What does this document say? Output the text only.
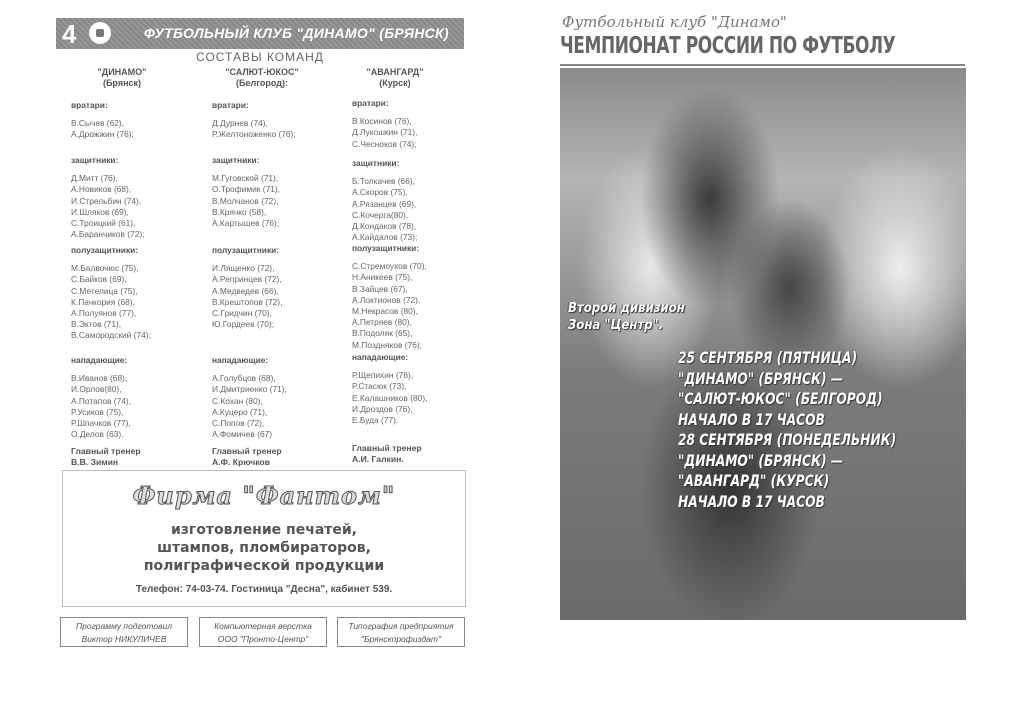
4	ФУТБОЛЬНЫЙ КЛУБ "ДИНАМО" (БРЯНСК)
СОСТАВЫ КОМАНД
"ДИНАМО"
(Брянск)
вратари:
В.Сычев (62),
А.Дрожжин (76);
защитники:
Д.Митт (76),
А.Новиков (68),
И.Стрельбин (74),
И.Шляков (69),
С.Троицкий (61),
А.Баранчиков (72);
полузащитники:
М.Балвочюс (75),
С.Байков (69),
С.Метелица (75),
К.Пачкория (68),
А.Полуянов (77),
В.Эктов (71),
В.Самородский (74);
нападающие:
В.Иванов (68),
И.Орлов(80),
А.Потапов (74),
Р.Усиков (75),
Р.Шпачков (77),
О.Делов (63).
Главный тренер
В.В. Зимин
"САЛЮТ-ЮКОС"
(Белгород):
вратари:
Д.Дурнев (74),
Р.Желтоноженко (76);
защитники:
М.Гуговской (71),
О.Трофимик (71),
В.Молчанов (72),
В.Крячко (58),
А.Картышев (76);
полузащитники:
И.Лященко (72),
А.Репринцев (72),
А.Медведев (66),
В.Крештопов (72),
С.Гридчин (70),
Ю.Гордеев (70);
нападающие:
А.Голубцов (68),
И.Дмитриенко (71),
С.Кохан (80),
А.Куцеро (71),
С.Попов (72),
А.Фомичев (67)
Главный тренер
А.Ф. Крючков
"АВАНГАРД"
(Курск)
вратари:
В.Косинов (76),
Д.Лукошкин (71),
С.Чесноков (74);
защитники:
Б.Толкачев (66),
А.Скоров (75),
А.Рязанцев (69),
С.Кочерга(80),
Д.Кондаков (78),
А.Кайдалов (73);
полузащитники:
С.Стремоухов (70),
Н.Аникеев (75),
В.Зайцев (67),
А.Локтионов (72),
М.Некрасов (80),
А.Петряев (80),
В.Подоляк (65),
М.Поздняков (76);
нападающие:
Р.Щепихин (76),
Р.Стасюк (73),
Е.Калашников (80),
И.Дроздов (76),
Е.Буда (77).
Главный тренер
А.И. Галкин.
Фирма "Фантом"
изготовление печатей,
штампов, пломбираторов,
полиграфической продукции
Телефон: 74-03-74. Гостиница "Десна", кабинет 539.
Программу подготовил
Виктор НИКУЛИЧЕВ
Компьютерная верстка
ООО "Пронто-Центр"
Типография предприятия
"Брянскпрофиздат"
Футбольный клуб "Динамо"
ЧЕМПИОНАТ РОССИИ ПО ФУТБОЛУ
Второй дивизион
Зона "Центр".
25 СЕНТЯБРЯ (ПЯТНИЦА)
"ДИНАМО" (БРЯНСК) —
"САЛЮТ-ЮКОС" (БЕЛГОРОД)
НАЧАЛО В 17 ЧАСОВ
28 СЕНТЯБРЯ (ПОНЕДЕЛЬНИК)
"ДИНАМО" (БРЯНСК) —
"АВАНГАРД" (КУРСК)
НАЧАЛО В 17 ЧАСОВ
